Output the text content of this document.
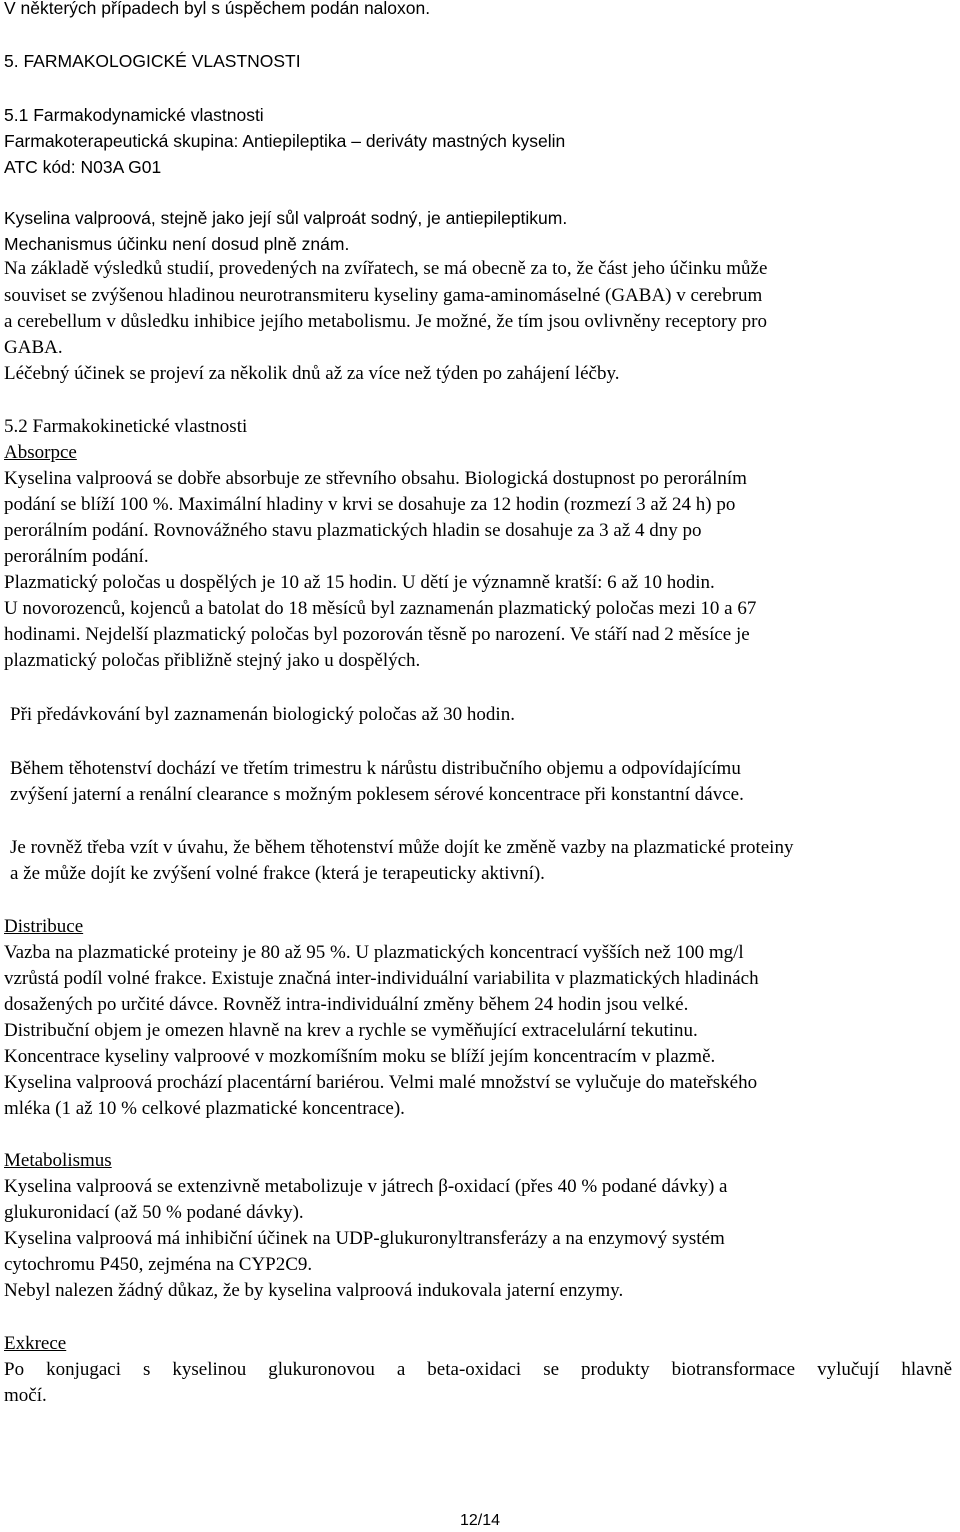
V některých případech byl s úspěchem podán naloxon.
5. FARMAKOLOGICKÉ VLASTNOSTI
5.1 Farmakodynamické vlastnosti
Farmakoterapeutická skupina: Antiepileptika – deriváty mastných kyselin
ATC kód: N03A G01
Kyselina valproová, stejně jako její sůl valproát sodný, je antiepileptikum.
Mechanismus účinku není dosud plně znám.
Na základě výsledků studií, provedených na zvířatech, se má obecně za to, že část jeho účinku může
souviset se zvýšenou hladinou neurotransmiteru kyseliny gama-aminomáselné (GABA) v cerebrum
a cerebellum v důsledku inhibice jejího metabolismu. Je možné, že tím jsou ovlivněny receptory pro
GABA.
Léčebný účinek se projeví za několik dnů až za více než týden po zahájení léčby.
5.2 Farmakokinetické vlastnosti
Absorpce
Kyselina valproová se dobře absorbuje ze střevního obsahu. Biologická dostupnost po perorálním
podání se blíží 100 %. Maximální hladiny v krvi se dosahuje za 12 hodin (rozmezí 3 až 24 h) po
perorálním podání. Rovnovážného stavu plazmatických hladin se dosahuje za 3 až 4 dny po
perorálním podání.
Plazmatický poločas u dospělých je 10 až 15 hodin. U dětí je významně kratší: 6 až 10 hodin.
U novorozenců, kojenců a batolat do 18 měsíců byl zaznamenán plazmatický poločas mezi 10 a 67
hodinami. Nejdelší plazmatický poločas byl pozorován těsně po narození. Ve stáří nad 2 měsíce je
plazmatický poločas přibližně stejný jako u dospělých.
Při předávkování byl zaznamenán biologický poločas až 30 hodin.
Během těhotenství dochází ve třetím trimestru k nárůstu distribučního objemu a odpovídajícímu
zvýšení jaterní a renální clearance s možným poklesem sérové koncentrace při konstantní dávce.
Je rovněž třeba vzít v úvahu, že během těhotenství může dojít ke změně vazby na plazmatické proteiny
a že může dojít ke zvýšení volné frakce (která je terapeuticky aktivní).
Distribuce
Vazba na plazmatické proteiny je 80 až 95 %. U plazmatických koncentrací vyšších než 100 mg/l
vzrůstá podíl volné frakce. Existuje značná inter-individuální variabilita v plazmatických hladinách
dosažených po určité dávce. Rovněž intra-individuální změny během 24 hodin jsou velké.
Distribuční objem je omezen hlavně na krev a rychle se vyměňující extracelulární tekutinu.
Koncentrace kyseliny valproové v mozkomíšním moku se blíží jejím koncentracím v plazmě.
Kyselina valproová prochází placentární bariérou. Velmi malé množství se vylučuje do mateřského
mléka (1 až 10 % celkové plazmatické koncentrace).
Metabolismus
Kyselina valproová se extenzivně metabolizuje v játrech β-oxidací (přes 40 % podané dávky) a
glukuronidací (až 50 % podané dávky).
Kyselina valproová má inhibiční účinek na UDP-glukuronyltransferázy a na enzymový systém
cytochromu P450, zejména na CYP2C9.
Nebyl nalezen žádný důkaz, že by kyselina valproová indukovala jaterní enzymy.
Exkrece
Po konjugaci s kyselinou glukuronovou a beta-oxidaci se produkty biotransformace vylučují hlavně
močí.
12/14
